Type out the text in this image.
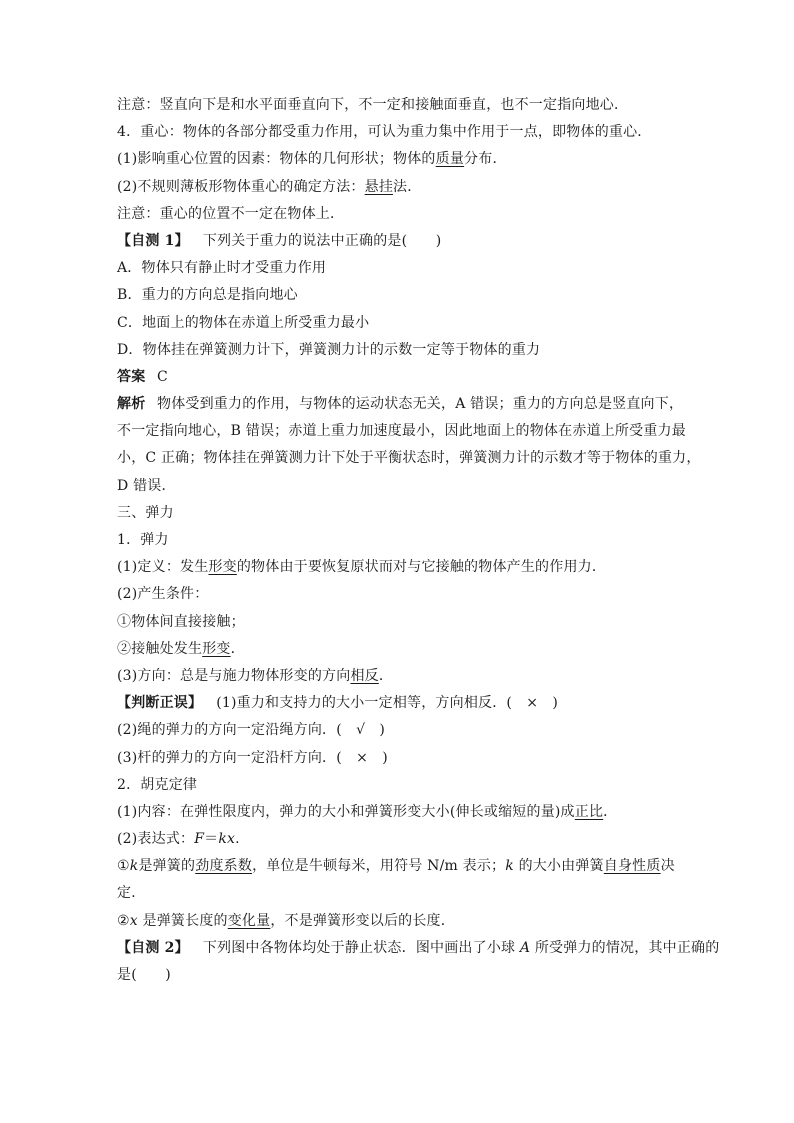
注意：竖直向下是和水平面垂直向下，不一定和接触面垂直，也不一定指向地心．
4．重心：物体的各部分都受重力作用，可认为重力集中作用于一点，即物体的重心．
(1)影响重心位置的因素：物体的几何形状；物体的质量分布．
(2)不规则薄板形物体重心的确定方法：悬挂法．
注意：重心的位置不一定在物体上．
【自测 1】 下列关于重力的说法中正确的是(　　)
A．物体只有静止时才受重力作用
B．重力的方向总是指向地心
C．地面上的物体在赤道上所受重力最小
D．物体挂在弹簧测力计下，弹簧测力计的示数一定等于物体的重力
答案 C
解析 物体受到重力的作用，与物体的运动状态无关，A 错误；重力的方向总是竖直向下，
不一定指向地心，B 错误；赤道上重力加速度最小，因此地面上的物体在赤道上所受重力最
小，C 正确；物体挂在弹簧测力计下处于平衡状态时，弹簧测力计的示数才等于物体的重力，
D 错误．
三、弹力
1．弹力
(1)定义：发生形变的物体由于要恢复原状而对与它接触的物体产生的作用力．
(2)产生条件：
①物体间直接接触；
②接触处发生形变．
(3)方向：总是与施力物体形变的方向相反．
【判断正误】 (1)重力和支持力的大小一定相等，方向相反．(　×　)
(2)绳的弹力的方向一定沿绳方向．(　√　)
(3)杆的弹力的方向一定沿杆方向．(　×　)
2．胡克定律
(1)内容：在弹性限度内，弹力的大小和弹簧形变大小(伸长或缩短的量)成正比．
(2)表达式：F＝kx.
①k是弹簧的劲度系数，单位是牛顿每米，用符号 N/m 表示；k 的大小由弹簧自身性质决
定．
②x 是弹簧长度的变化量，不是弹簧形变以后的长度．
【自测 2】 下列图中各物体均处于静止状态．图中画出了小球 A 所受弹力的情况，其中正确的
是(　　)
